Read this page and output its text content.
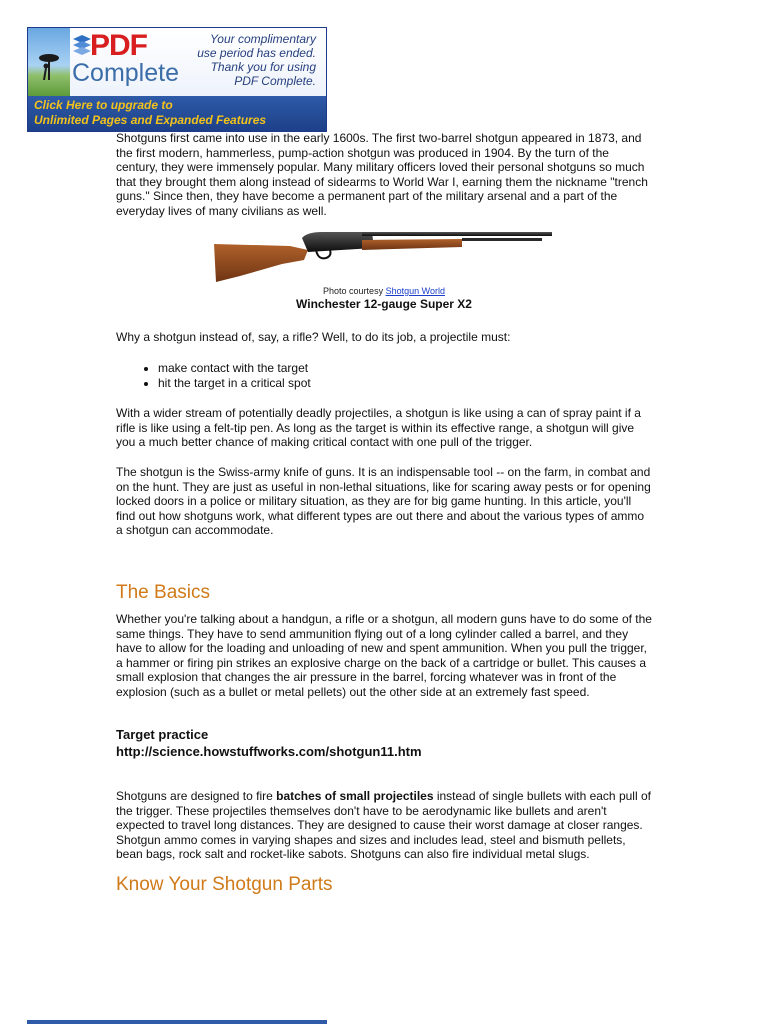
PDF
Complete
Your complimentary
use period has ended.
Thank you for using
PDF Complete.
Click Here to upgrade to
Unlimited Pages and Expanded Features

Shotguns first came into use in the early 1600s. The first two-barrel shotgun appeared in 1873, and the first modern, hammerless, pump-action shotgun was produced in 1904. By the turn of the century, they were immensely popular. Many military officers loved their personal shotguns so much that they brought them along instead of sidearms to World War I, earning them the nickname "trench guns." Since then, they have become a permanent part of the military arsenal and a part of the everyday lives of many civilians as well.

Photo courtesy Shotgun World
Winchester 12-gauge Super X2

Why a shotgun instead of, say, a rifle? Well, to do its job, a projectile must:

• make contact with the target
• hit the target in a critical spot

With a wider stream of potentially deadly projectiles, a shotgun is like using a can of spray paint if a rifle is like using a felt-tip pen. As long as the target is within its effective range, a shotgun will give you a much better chance of making critical contact with one pull of the trigger.

The shotgun is the Swiss-army knife of guns. It is an indispensable tool -- on the farm, in combat and on the hunt. They are just as useful in non-lethal situations, like for scaring away pests or for opening locked doors in a police or military situation, as they are for big game hunting. In this article, you'll find out how shotguns work, what different types are out there and about the various types of ammo a shotgun can accommodate.

The Basics

Whether you're talking about a handgun, a rifle or a shotgun, all modern guns have to do some of the same things. They have to send ammunition flying out of a long cylinder called a barrel, and they have to allow for the loading and unloading of new and spent ammunition. When you pull the trigger, a hammer or firing pin strikes an explosive charge on the back of a cartridge or bullet. This causes a small explosion that changes the air pressure in the barrel, forcing whatever was in front of the explosion (such as a bullet or metal pellets) out the other side at an extremely fast speed.

Target practice
http://science.howstuffworks.com/shotgun11.htm

Shotguns are designed to fire batches of small projectiles instead of single bullets with each pull of the trigger. These projectiles themselves don't have to be aerodynamic like bullets and aren't expected to travel long distances. They are designed to cause their worst damage at closer ranges. Shotgun ammo comes in varying shapes and sizes and includes lead, steel and bismuth pellets, bean bags, rock salt and rocket-like sabots. Shotguns can also fire individual metal slugs.

Know Your Shotgun Parts
